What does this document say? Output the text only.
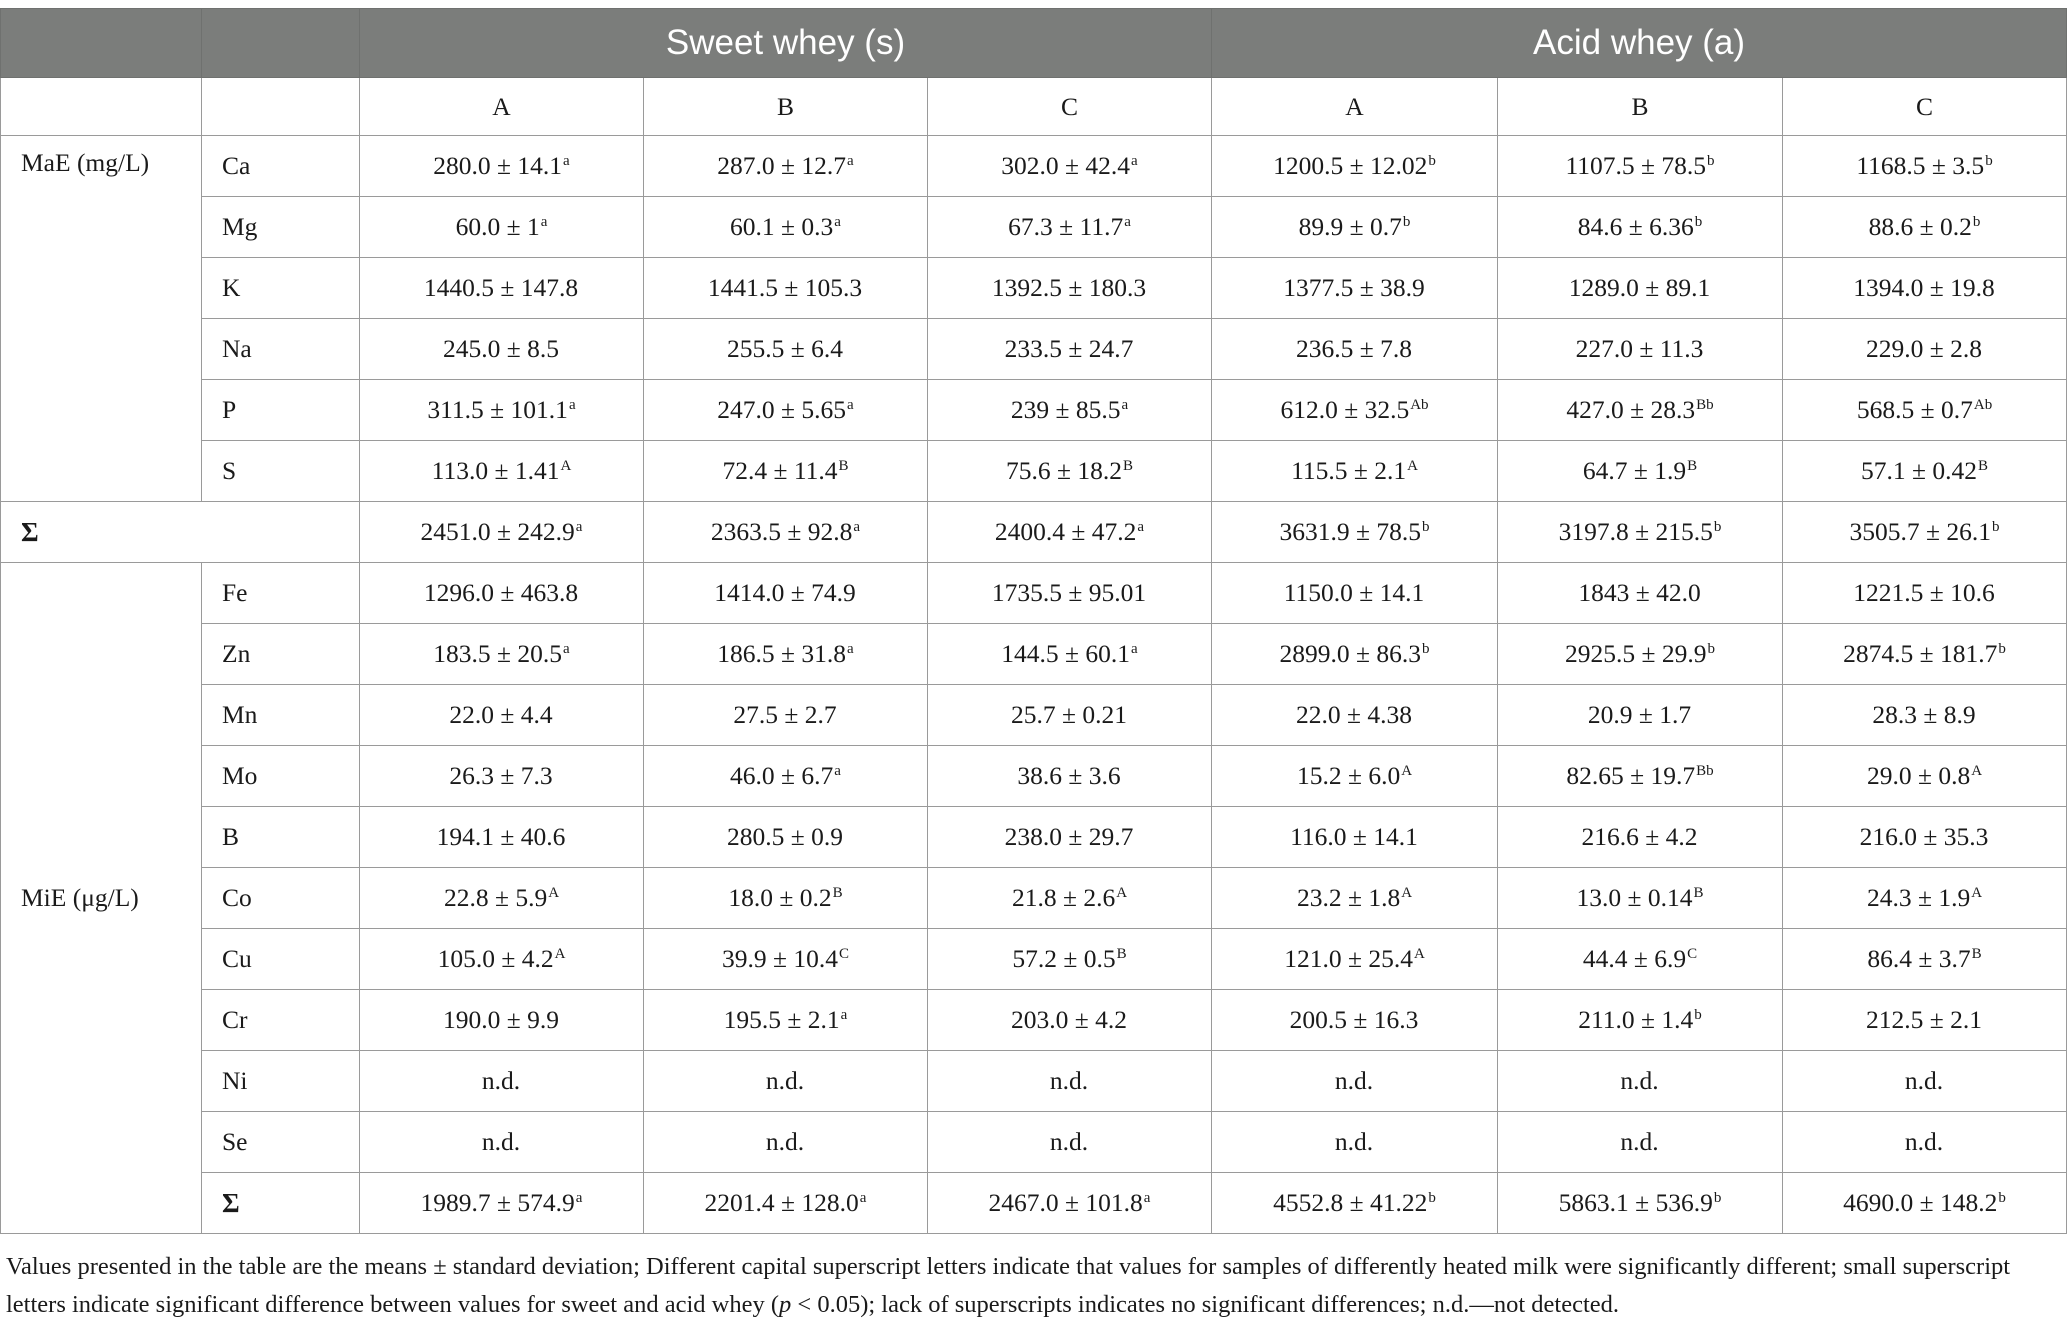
		Sweet whey (s)			Acid whey (a)		
		A	B	C	A	B	C
MaE (mg/L)	Ca	280.0 ± 14.1$^a$	287.0 ± 12.7$^a$	302.0 ± 42.4$^a$	1200.5 ± 12.02$^b$	1107.5 ± 78.5$^b$	1168.5 ± 3.5$^b$
	Mg	$60.0 \pm 1^a$	60.1 ± 0.3$^a$	67.3 ± 11.7$^a$	89.9 ± 0.7$^b$	84.6 ± 6.36$^b$	88.6 ± 0.2$^b$
	K	1440.5 ± 147.8	1441.5 ± 105.3	1392.5 ± 180.3	1377.5 ± 38.9	1289.0 ± 89.1	1394.0 ± 19.8
	Na	245.0 ± 8.5	255.5 ± 6.4	233.5 ± 24.7	236.5 ± 7.8	227.0 ± 11.3	229.0 ± 2.8
	P	311.5 ± 101.1$^a$	247.0 ± 5.65$^a$	239 ± 85.5$^a$	$612.0 \pm 32.5^{Ab}$	$427.0 \pm 28.3^{Bb}$	$568.5 \pm 0.7^{Ab}$
	S	$113.0 \pm 1.41^A$	$72.4 \pm 11.4^B$	$75.6 \pm 18.2^B$	$115.5 \pm 2.1^A$	$64.7 \pm 1.9^B$	$57.1 \pm 0.42^B$
Σ		2451.0 ± 242.9$^a$	2363.5 ± 92.8$^a$	2400.4 ± 47.2$^a$	3631.9 ± 78.5$^b$	3197.8 ± 215.5$^b$	3505.7 ± 26.1$^b$
MiE (μg/L)	Fe	1296.0 ± 463.8	1414.0 ± 74.9	1735.5 ± 95.01	1150.0 ± 14.1	1843 ± 42.0	1221.5 ± 10.6
	Zn	183.5 ± 20.5$^a$	186.5 ± 31.8$^a$	144.5 ± 60.1$^a$	2899.0 ± 86.3$^b$	2925.5 ± 29.9$^b$	2874.5 ± 181.7$^b$
	Mn	22.0 ± 4.4	27.5 ± 2.7	25.7 ± 0.21	22.0 ± 4.38	20.9 ± 1.7	28.3 ± 8.9
	Mo	26.3 ± 7.3	46.0 ± 6.7$^a$	38.6 ± 3.6	$15.2 \pm 6.0^A$	$82.65 \pm 19.7^{Bb}$	$29.0 \pm 0.8^A$
	B	194.1 ± 40.6	280.5 ± 0.9	238.0 ± 29.7	116.0 ± 14.1	216.6 ± 4.2	216.0 ± 35.3
	Co	$22.8 \pm 5.9^A$	$18.0 \pm 0.2^B$	$21.8 \pm 2.6^A$	$23.2 \pm 1.8^A$	$13.0 \pm 0.14^B$	$24.3 \pm 1.9^A$
	Cu	$105.0 \pm 4.2^A$	$39.9 \pm 10.4^C$	$57.2 \pm 0.5^B$	$121.0 \pm 25.4^A$	$44.4 \pm 6.9^C$	$86.4 \pm 3.7^B$
	Cr	190.0 ± 9.9	195.5 ± 2.1$^a$	203.0 ± 4.2	200.5 ± 16.3	211.0 ± 1.4$^b$	212.5 ± 2.1
	Ni	n.d.	n.d.	n.d.	n.d.	n.d.	n.d.
	Se	n.d.	n.d.	n.d.	n.d.	n.d.	n.d.
	Σ	1989.7 ± 574.9$^a$	2201.4 ± 128.0$^a$	2467.0 ± 101.8$^a$	4552.8 ± 41.22$^b$	5863.1 ± 536.9$^b$	4690.0 ± 148.2$^b$
Values presented in the table are the means ± standard deviation; Different capital superscript letters indicate that values for samples of differently heated milk were significantly different; small superscript letters indicate significant difference between values for sweet and acid whey (p < 0.05); lack of superscripts indicates no significant differences; n.d.—not detected.
